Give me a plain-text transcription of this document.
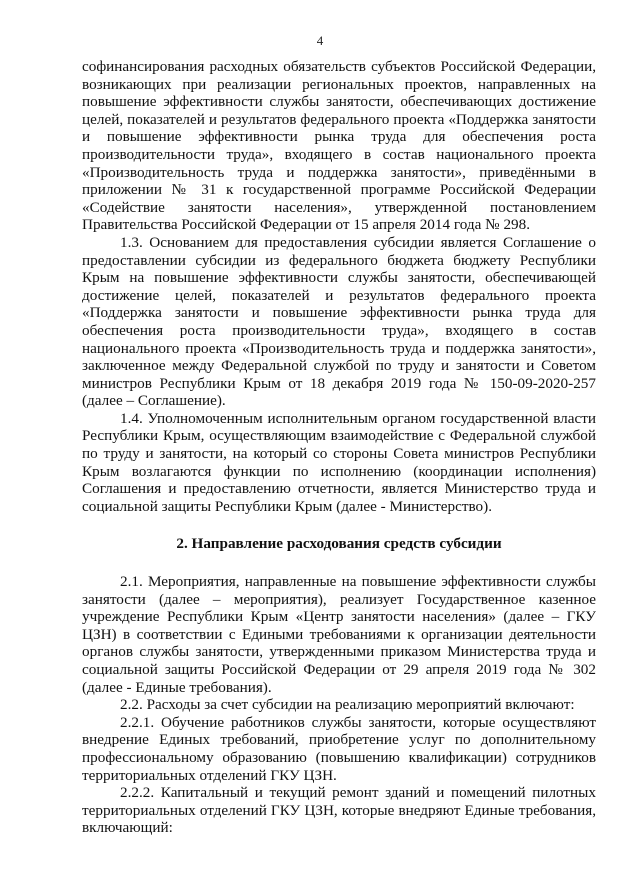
4

софинансирования расходных обязательств субъектов Российской Федерации, возникающих при реализации региональных проектов, направленных на повышение эффективности службы занятости, обеспечивающих достижение целей, показателей и результатов федерального проекта «Поддержка занятости и повышение эффективности рынка труда для обеспечения роста производительности труда», входящего в состав национального проекта «Производительность труда и поддержка занятости», приведёнными в приложении № 31 к государственной программе Российской Федерации «Содействие занятости населения», утвержденной постановлением Правительства Российской Федерации от 15 апреля 2014 года № 298.

1.3. Основанием для предоставления субсидии является Соглашение о предоставлении субсидии из федерального бюджета бюджету Республики Крым на повышение эффективности службы занятости, обеспечивающей достижение целей, показателей и результатов федерального проекта «Поддержка занятости и повышение эффективности рынка труда для обеспечения роста производительности труда», входящего в состав национального проекта «Производительность труда и поддержка занятости», заключенное между Федеральной службой по труду и занятости и Советом министров Республики Крым от 18 декабря 2019 года № 150-09-2020-257 (далее – Соглашение).

1.4. Уполномоченным исполнительным органом государственной власти Республики Крым, осуществляющим взаимодействие с Федеральной службой по труду и занятости, на который со стороны Совета министров Республики Крым возлагаются функции по исполнению (координации исполнения) Соглашения и предоставлению отчетности, является Министерство труда и социальной защиты Республики Крым (далее - Министерство).

2. Направление расходования средств субсидии

2.1. Мероприятия, направленные на повышение эффективности службы занятости (далее – мероприятия), реализует Государственное казенное учреждение Республики Крым «Центр занятости населения» (далее – ГКУ ЦЗН) в соответствии с Едиными требованиями к организации деятельности органов службы занятости, утвержденными приказом Министерства труда и социальной защиты Российской Федерации от 29 апреля 2019 года № 302 (далее - Единые требования).

2.2. Расходы за счет субсидии на реализацию мероприятий включают:

2.2.1. Обучение работников службы занятости, которые осуществляют внедрение Единых требований, приобретение услуг по дополнительному профессиональному образованию (повышению квалификации) сотрудников территориальных отделений ГКУ ЦЗН.

2.2.2. Капитальный и текущий ремонт зданий и помещений пилотных территориальных отделений ГКУ ЦЗН, которые внедряют Единые требования, включающий:
